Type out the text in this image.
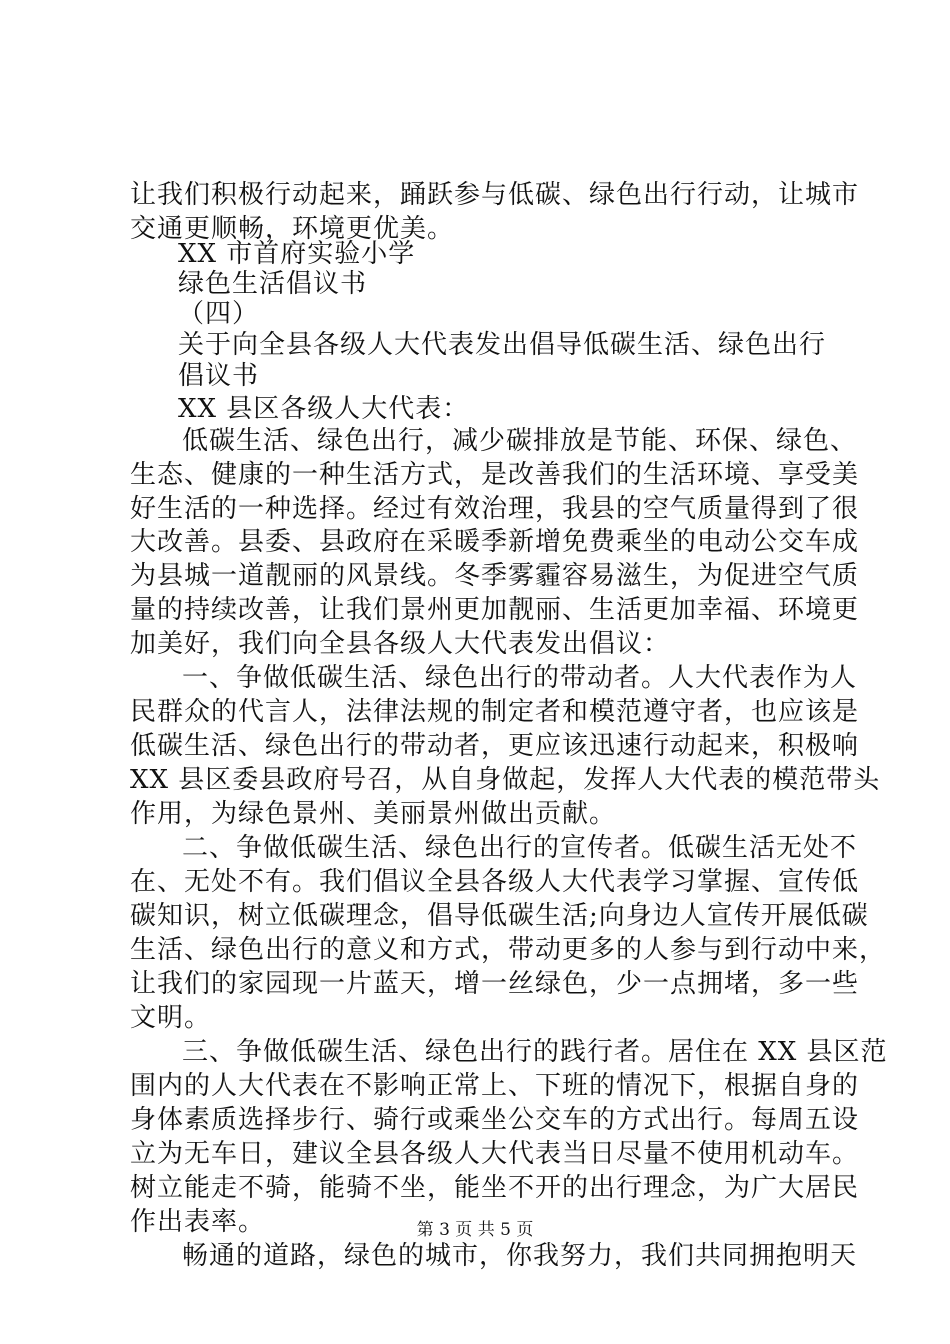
让我们积极行动起来，踊跃参与低碳、绿色出行行动，让城市
交通更顺畅，环境更优美。
XX 市首府实验小学
绿色生活倡议书
（四）
关于向全县各级人大代表发出倡导低碳生活、绿色出行
倡议书
XX 县区各级人大代表：
低碳生活、绿色出行，减少碳排放是节能、环保、绿色、
生态、健康的一种生活方式，是改善我们的生活环境、享受美
好生活的一种选择。经过有效治理，我县的空气质量得到了很
大改善。县委、县政府在采暖季新增免费乘坐的电动公交车成
为县城一道靓丽的风景线。冬季雾霾容易滋生，为促进空气质
量的持续改善，让我们景州更加靓丽、生活更加幸福、环境更
加美好，我们向全县各级人大代表发出倡议：
一、争做低碳生活、绿色出行的带动者。人大代表作为人
民群众的代言人，法律法规的制定者和模范遵守者，也应该是
低碳生活、绿色出行的带动者，更应该迅速行动起来，积极响
XX 县区委县政府号召，从自身做起，发挥人大代表的模范带头
作用，为绿色景州、美丽景州做出贡献。
二、争做低碳生活、绿色出行的宣传者。低碳生活无处不
在、无处不有。我们倡议全县各级人大代表学习掌握、宣传低
碳知识，树立低碳理念，倡导低碳生活;向身边人宣传开展低碳
生活、绿色出行的意义和方式，带动更多的人参与到行动中来，
让我们的家园现一片蓝天，增一丝绿色，少一点拥堵，多一些
文明。
三、争做低碳生活、绿色出行的践行者。居住在 XX 县区范
围内的人大代表在不影响正常上、下班的情况下，根据自身的
身体素质选择步行、骑行或乘坐公交车的方式出行。每周五设
立为无车日，建议全县各级人大代表当日尽量不使用机动车。
树立能走不骑，能骑不坐，能坐不开的出行理念，为广大居民
作出表率。
畅通的道路，绿色的城市，你我努力，我们共同拥抱明天
第 3 页 共 5 页
